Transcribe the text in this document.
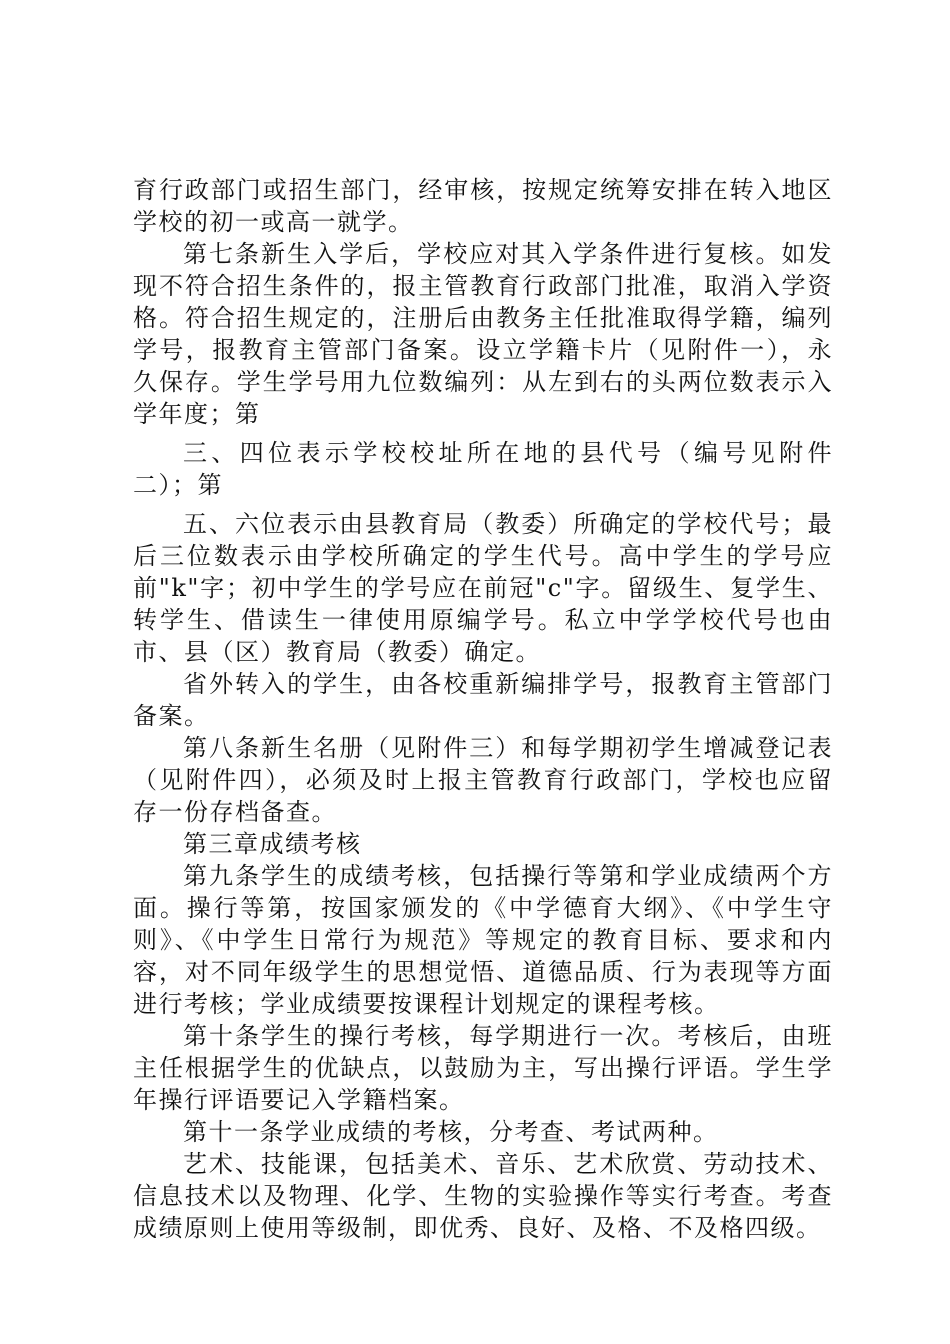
育行政部门或招生部门，经审核，按规定统筹安排在转入地区学校的初一或高一就学。

第七条新生入学后，学校应对其入学条件进行复核。如发现不符合招生条件的，报主管教育行政部门批准，取消入学资格。符合招生规定的，注册后由教务主任批准取得学籍，编列学号，报教育主管部门备案。设立学籍卡片（见附件一），永久保存。学生学号用九位数编列：从左到右的头两位数表示入学年度；第

三、四位表示学校校址所在地的县代号（编号见附件二）；第

五、六位表示由县教育局（教委）所确定的学校代号；最后三位数表示由学校所确定的学生代号。高中学生的学号应前"k"字；初中学生的学号应在前冠"c"字。留级生、复学生、转学生、借读生一律使用原编学号。私立中学学校代号也由市、县（区）教育局（教委）确定。

省外转入的学生，由各校重新编排学号，报教育主管部门备案。

第八条新生名册（见附件三）和每学期初学生增减登记表（见附件四），必须及时上报主管教育行政部门，学校也应留存一份存档备查。

第三章成绩考核

第九条学生的成绩考核，包括操行等第和学业成绩两个方面。操行等第，按国家颁发的《中学德育大纲》、《中学生守则》、《中学生日常行为规范》等规定的教育目标、要求和内容，对不同年级学生的思想觉悟、道德品质、行为表现等方面进行考核；学业成绩要按课程计划规定的课程考核。

第十条学生的操行考核，每学期进行一次。考核后，由班主任根据学生的优缺点，以鼓励为主，写出操行评语。学生学年操行评语要记入学籍档案。

第十一条学业成绩的考核，分考查、考试两种。

艺术、技能课，包括美术、音乐、艺术欣赏、劳动技术、信息技术以及物理、化学、生物的实验操作等实行考查。考查成绩原则上使用等级制，即优秀、良好、及格、不及格四级。
